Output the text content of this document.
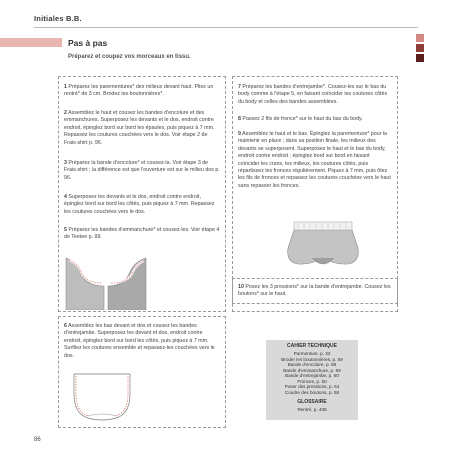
Initiales B.B.
Pas à pas
Préparez et coupez vos morceaux en tissu.
1 Préparez les parementures* des milieux devant haut. Pliez un rentré* de 3 cm. Brodez les boutonnières*.
2 Assemblez le haut et cousez les bandes d'encolure et des emmanchures. Superposez les devants et le dos, endroit contre endroit, épinglez bord sur bord les épaules, puis piquez à 7 mm. Repassez les coutures couchées vers le dos. Voir étape 2 de Frais-shirt p. 96.
3 Préparez la bande d'encolure* et cousez-la. Voir étape 3 de Frais-shirt ; la différence est que l'ouverture est sur le milieu dos p. 96.
4 Superposez les devants et le dos, endroit contre endroit, épinglez bord sur bord les côtés, puis piquez à 7 mm. Repassez les coutures couchées vers le dos.
5 Préparez les bandes d'emmanchure* et cousez-les. Voir étape 4 de Teetee p. 99.
6 Assemblez les bas devant et dos et cousez les bandes d'entrejambe. Superposez les devant et dos, endroit contre endroit, épinglez bord sur bord les côtés, puis piquez à 7 mm. Surfilez les coutures ensemble et repassez-les couchées vers le dos.
7 Préparez les bandes d'entrejambe*. Cousez-les sur le bas du body comme à l'étape 5, en faisant coïncider les coutures côtés du body et celles des bandes assemblées.
8 Passez 2 fils de fronce* sur le haut du bas du body.
9 Assemblez le haut et le bas. Épinglez la parementure* pour la maintenir en place ; dans sa position finale, les milieux des devants se superposent. Superposez le haut et le bas du body, endroit contre endroit ; épinglez bord sur bord en faisant coïncider les crans, les milieux, les coutures côtés, puis répartissez les fronces régulièrement. Piquez à 7 mm, puis ôtez les fils de fronces et repassez les coutures couchées vers le haut sans repasser les fronces.
10 Posez les 3 pressions* sur la bande d'entrejambe. Cousez les boutons* sur le haut.
CAHIER TECHNIQUE
Parmenture, p. 32
Broder les boutonnières, p. 59
Bande d'encolure, p. 69
Bande d'emmanchure, p. 69
Bande d'entrejambe, p. 60
Fronces, p. 50
Poser des pressions, p. 54
Coudre des boutons, p. 58
GLOSSAIRE
Rentré, p. 409
86
